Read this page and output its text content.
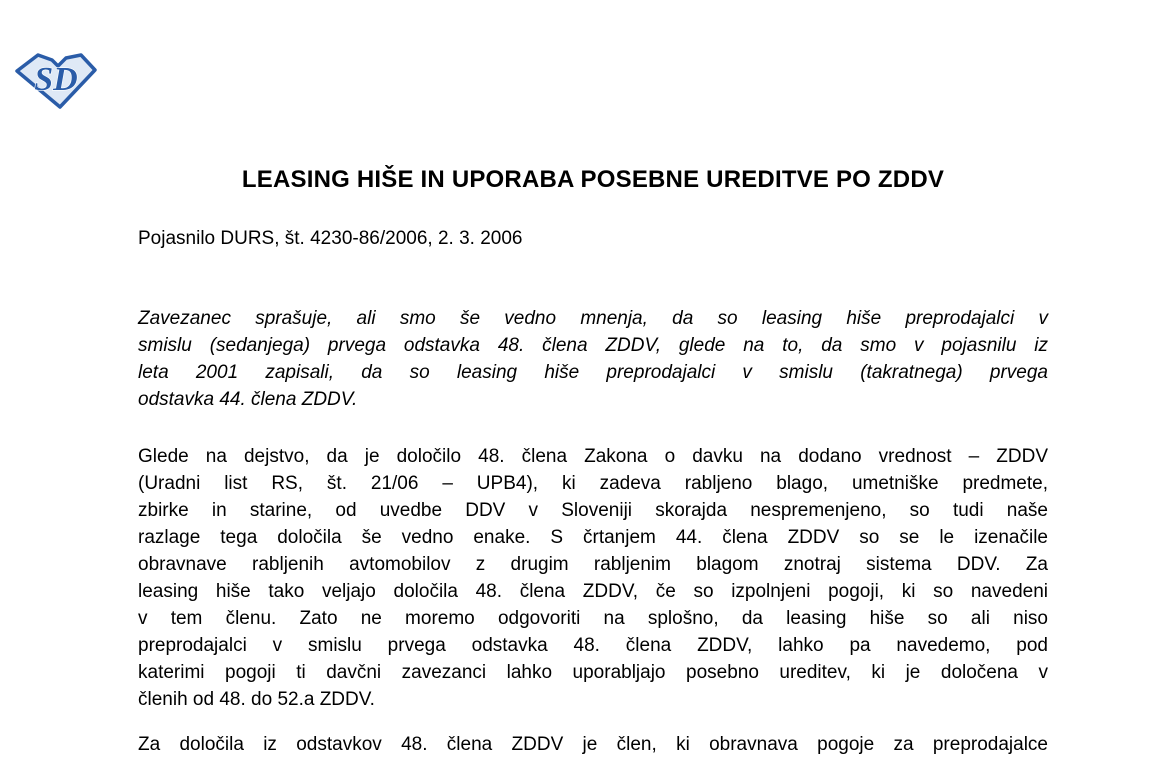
SD
LEASING HIŠE IN UPORABA POSEBNE UREDITVE PO ZDDV
Pojasnilo DURS, št. 4230-86/2006, 2. 3. 2006
Zavezanec sprašuje, ali smo še vedno mnenja, da so leasing hiše preprodajalci v
smislu (sedanjega) prvega odstavka 48. člena ZDDV, glede na to, da smo v pojasnilu iz
leta 2001 zapisali, da so leasing hiše preprodajalci v smislu (takratnega) prvega
odstavka 44. člena ZDDV.
Glede na dejstvo, da je določilo 48. člena Zakona o davku na dodano vrednost – ZDDV
(Uradni list RS, št. 21/06 – UPB4), ki zadeva rabljeno blago, umetniške predmete,
zbirke in starine, od uvedbe DDV v Sloveniji skorajda nespremenjeno, so tudi naše
razlage tega določila še vedno enake. S črtanjem 44. člena ZDDV so se le izenačile
obravnave rabljenih avtomobilov z drugim rabljenim blagom znotraj sistema DDV. Za
leasing hiše tako veljajo določila 48. člena ZDDV, če so izpolnjeni pogoji, ki so navedeni
v tem členu. Zato ne moremo odgovoriti na splošno, da leasing hiše so ali niso
preprodajalci v smislu prvega odstavka 48. člena ZDDV, lahko pa navedemo, pod
katerimi pogoji ti davčni zavezanci lahko uporabljajo posebno ureditev, ki je določena v
členih od 48. do 52.a ZDDV.
Za določila iz odstavkov 48. člena ZDDV je člen, ki obravnava pogoje za preprodajalce
